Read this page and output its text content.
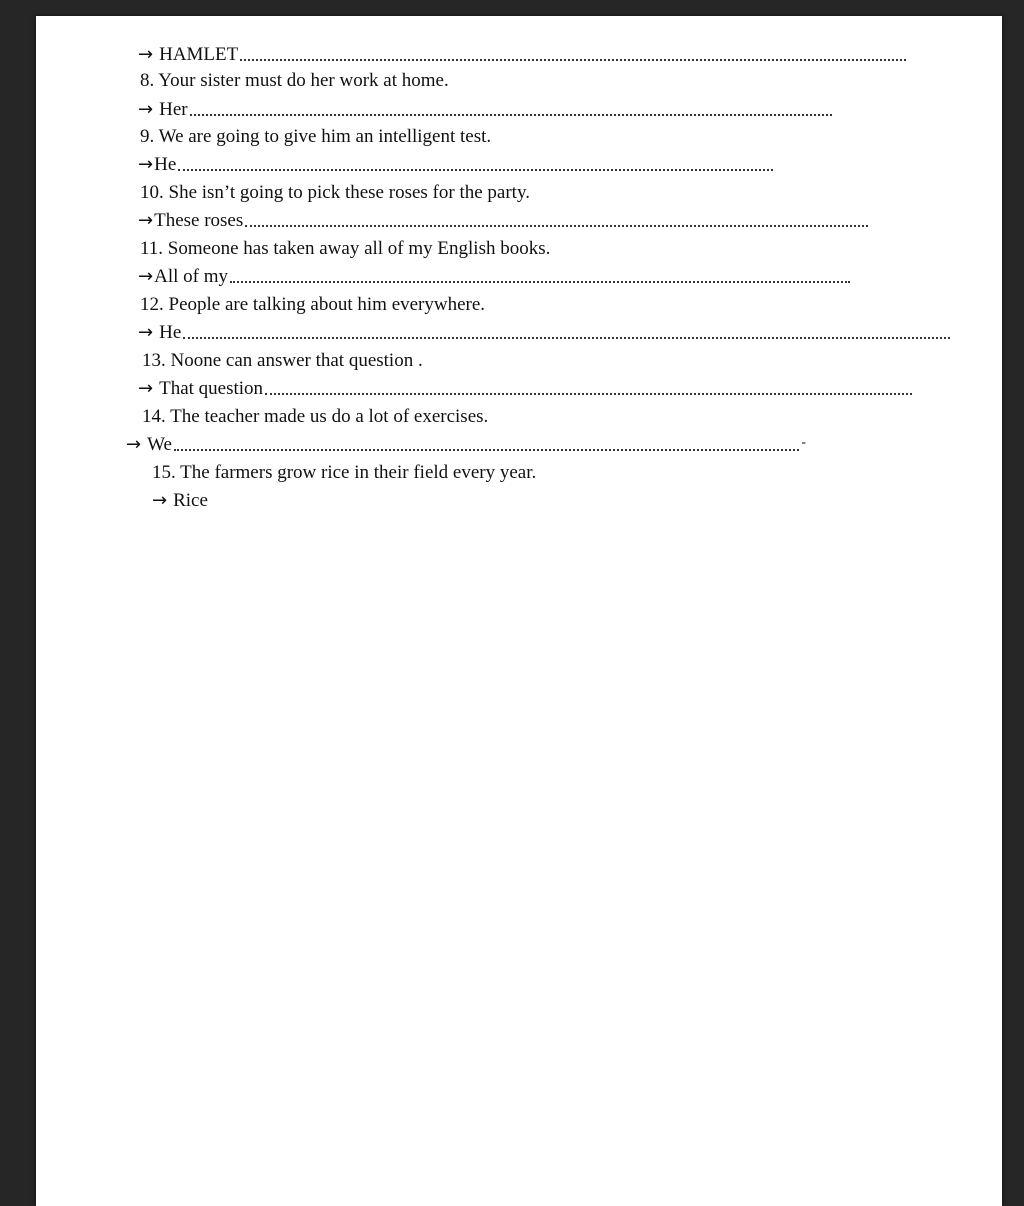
→ HAMLET
8. Your sister must do her work at home.
→ Her
9. We are going to give him an intelligent test.
→ He
10. She isn’t going to pick these roses for the party.
→ These roses
11. Someone has taken away all of my English books.
→ All of my
12. People are talking about him everywhere.
→ He
13. Noone can answer that question .
→ That question
14. The teacher made us do a lot of exercises.
→ We	-
15. The farmers grow rice in their field every year.
→ Rice
